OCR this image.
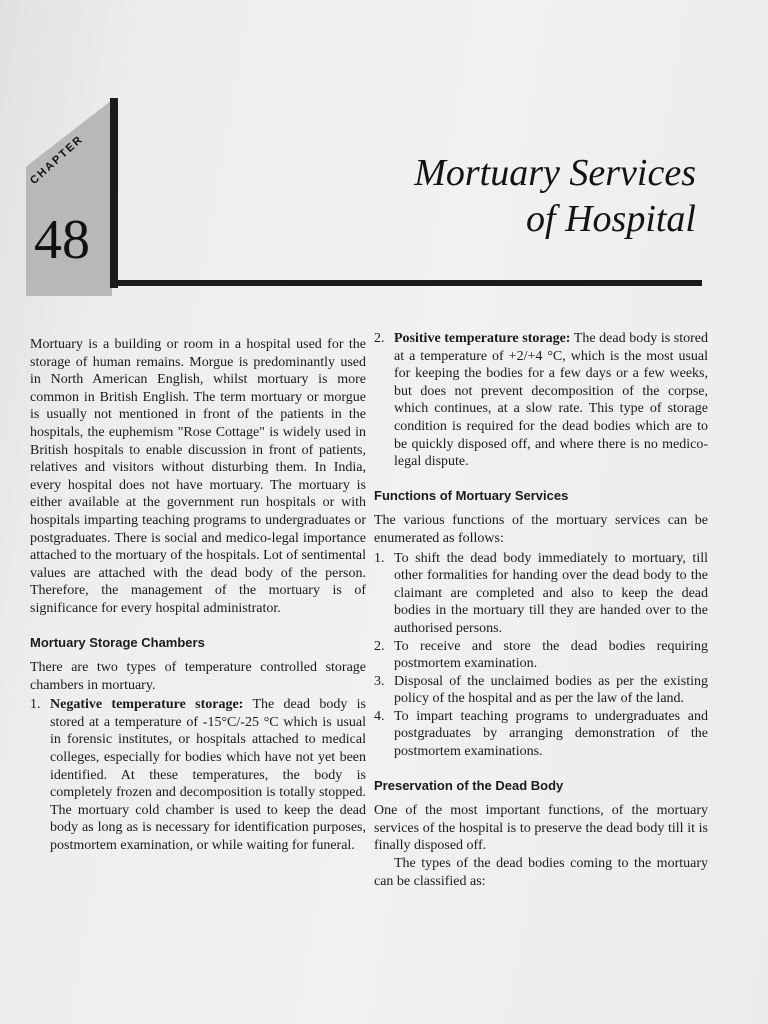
CHAPTER
48
Mortuary Services
of Hospital

Mortuary is a building or room in a hospital used for the storage of human remains. Morgue is predominantly used in North American English, whilst mortuary is more common in British English. The term mortuary or morgue is usually not mentioned in front of the patients in the hospitals, the euphemism "Rose Cottage" is widely used in British hospitals to enable discussion in front of patients, relatives and visitors without disturbing them. In India, every hospital does not have mortuary. The mortuary is either available at the government run hospitals or with hospitals imparting teaching programs to undergraduates or postgraduates. There is social and medico-legal importance attached to the mortuary of the hospitals. Lot of sentimental values are attached with the dead body of the person. Therefore, the management of the mortuary is of significance for every hospital administrator.

Mortuary Storage Chambers

There are two types of temperature controlled storage chambers in mortuary.

1. Negative temperature storage: The dead body is stored at a temperature of -15°C/-25 °C which is usual in forensic institutes, or hospitals attached to medical colleges, especially for bodies which have not yet been identified. At these temperatures, the body is completely frozen and decomposition is totally stopped. The mortuary cold chamber is used to keep the dead body as long as is necessary for identification purposes, postmortem examination, or while waiting for funeral.
2. Positive temperature storage: The dead body is stored at a temperature of +2/+4 °C, which is the most usual for keeping the bodies for a few days or a few weeks, but does not prevent decomposition of the corpse, which continues, at a slow rate. This type of storage condition is required for the dead bodies which are to be quickly disposed off, and where there is no medico-legal dispute.
Functions of Mortuary Services

The various functions of the mortuary services can be enumerated as follows:

1. To shift the dead body immediately to mortuary, till other formalities for handing over the dead body to the claimant are completed and also to keep the dead bodies in the mortuary till they are handed over to the authorised persons.
2. To receive and store the dead bodies requiring postmortem examination.
3. Disposal of the unclaimed bodies as per the existing policy of the hospital and as per the law of the land.
4. To impart teaching programs to undergraduates and postgraduates by arranging demonstration of the postmortem examinations.
Preservation of the Dead Body

One of the most important functions, of the mortuary services of the hospital is to preserve the dead body till it is finally disposed off.

The types of the dead bodies coming to the mortuary can be classified as:
